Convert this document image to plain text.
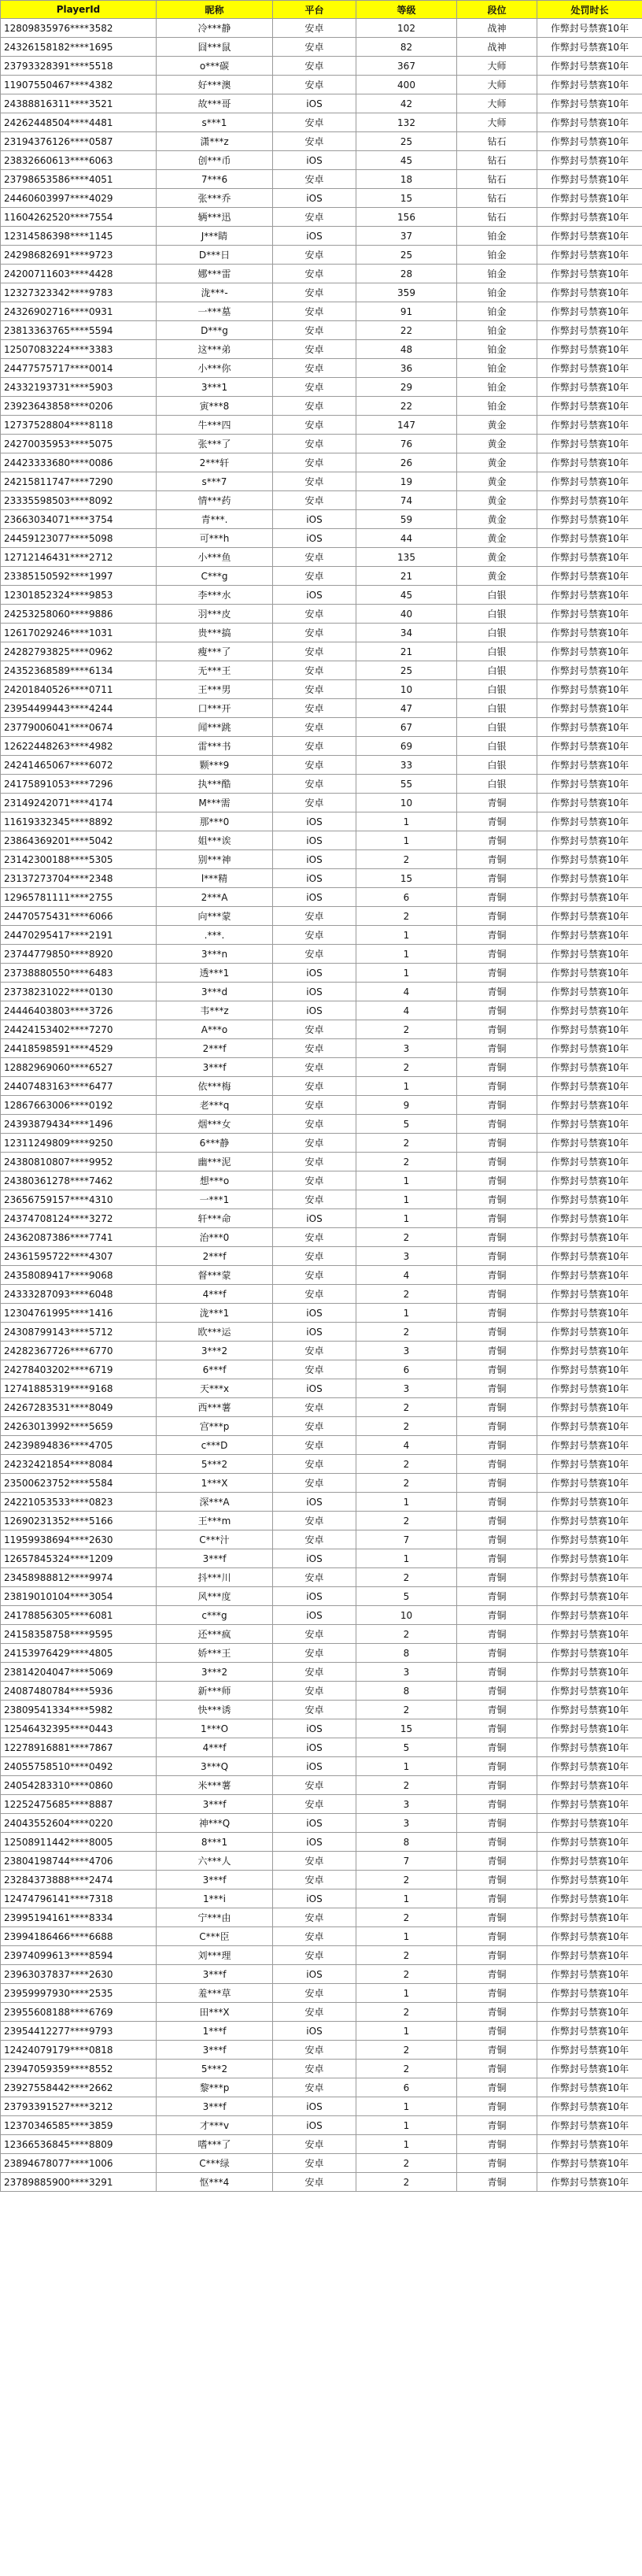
PlayerId	昵称	平台	等级	段位	处罚时长
12809835976****3582	冷***静	安卓	102	战神	作弊封号禁赛10年
24326158182****1695	囧***鼠	安卓	82	战神	作弊封号禁赛10年
23793328391****5518	o***碳	安卓	367	大师	作弊封号禁赛10年
11907550467****4382	好***澳	安卓	400	大师	作弊封号禁赛10年
24388816311****3521	故***哥	iOS	42	大师	作弊封号禁赛10年
24262448504****4481	s***1	安卓	132	大师	作弊封号禁赛10年
23194376126****0587	潇***z	安卓	25	钻石	作弊封号禁赛10年
23832660613****6063	创***币	iOS	45	钻石	作弊封号禁赛10年
23798653586****4051	7***6	安卓	18	钻石	作弊封号禁赛10年
24460603997****4029	张***乔	iOS	15	钻石	作弊封号禁赛10年
11604262520****7554	辆***迅	安卓	156	钻石	作弊封号禁赛10年
12314586398****1145	J***睛	iOS	37	铂金	作弊封号禁赛10年
24298682691****9723	D***日	安卓	25	铂金	作弊封号禁赛10年
24200711603****4428	娜***雷	安卓	28	铂金	作弊封号禁赛10年
12327323342****9783	泷***-	安卓	359	铂金	作弊封号禁赛10年
24326902716****0931	一***墓	安卓	91	铂金	作弊封号禁赛10年
23813363765****5594	D***g	安卓	22	铂金	作弊封号禁赛10年
12507083224****3383	这***弟	安卓	48	铂金	作弊封号禁赛10年
24477575717****0014	小***你	安卓	36	铂金	作弊封号禁赛10年
24332193731****5903	3***1	安卓	29	铂金	作弊封号禁赛10年
23923643858****0206	寅***8	安卓	22	铂金	作弊封号禁赛10年
12737528804****8118	牛***四	安卓	147	黄金	作弊封号禁赛10年
24270035953****5075	张***了	安卓	76	黄金	作弊封号禁赛10年
24423333680****0086	2***轩	安卓	26	黄金	作弊封号禁赛10年
24215811747****7290	s***7	安卓	19	黄金	作弊封号禁赛10年
23335598503****8092	情***药	安卓	74	黄金	作弊封号禁赛10年
23663034071****3754	青***.	iOS	59	黄金	作弊封号禁赛10年
24459123077****5098	可***h	iOS	44	黄金	作弊封号禁赛10年
12712146431****2712	小***鱼	安卓	135	黄金	作弊封号禁赛10年
23385150592****1997	C***g	安卓	21	黄金	作弊封号禁赛10年
12301852324****9853	李***水	iOS	45	白银	作弊封号禁赛10年
24253258060****9886	羽***皮	安卓	40	白银	作弊封号禁赛10年
12617029246****1031	贵***搞	安卓	34	白银	作弊封号禁赛10年
24282793825****0962	瘦***了	安卓	21	白银	作弊封号禁赛10年
24352368589****6134	无***王	安卓	25	白银	作弊封号禁赛10年
24201840526****0711	王***男	安卓	10	白银	作弊封号禁赛10年
23954499443****4244	口***开	安卓	47	白银	作弊封号禁赛10年
23779006041****0674	闻***跳	安卓	67	白银	作弊封号禁赛10年
12622448263****4982	雷***书	安卓	69	白银	作弊封号禁赛10年
24241465067****6072	颗***9	安卓	33	白银	作弊封号禁赛10年
24175891053****7296	执***酷	安卓	55	白银	作弊封号禁赛10年
23149242071****4174	M***需	安卓	10	青铜	作弊封号禁赛10年
11619332345****8892	那***0	iOS	1	青铜	作弊封号禁赛10年
23864369201****5042	姐***诶	iOS	1	青铜	作弊封号禁赛10年
23142300188****5305	别***神	iOS	2	青铜	作弊封号禁赛10年
23137273704****2348	l***精	iOS	15	青铜	作弊封号禁赛10年
12965781111****2755	2***A	iOS	6	青铜	作弊封号禁赛10年
24470575431****6066	向***蒙	安卓	2	青铜	作弊封号禁赛10年
24470295417****2191	.***.	安卓	1	青铜	作弊封号禁赛10年
23744779850****8920	3***n	安卓	1	青铜	作弊封号禁赛10年
23738880550****6483	透***1	iOS	1	青铜	作弊封号禁赛10年
23738231022****0130	3***d	iOS	4	青铜	作弊封号禁赛10年
24446403803****3726	韦***z	iOS	4	青铜	作弊封号禁赛10年
24424153402****7270	A***o	安卓	2	青铜	作弊封号禁赛10年
24418598591****4529	2***f	安卓	3	青铜	作弊封号禁赛10年
12882969060****6527	3***f	安卓	2	青铜	作弊封号禁赛10年
24407483163****6477	依***梅	安卓	1	青铜	作弊封号禁赛10年
12867663006****0192	老***q	安卓	9	青铜	作弊封号禁赛10年
24393879434****1496	烟***女	安卓	5	青铜	作弊封号禁赛10年
12311249809****9250	6***静	安卓	2	青铜	作弊封号禁赛10年
24380810807****9952	幽***泥	安卓	2	青铜	作弊封号禁赛10年
24380361278****7462	想***o	安卓	1	青铜	作弊封号禁赛10年
23656759157****4310	一***1	安卓	1	青铜	作弊封号禁赛10年
24374708124****3272	轩***命	iOS	1	青铜	作弊封号禁赛10年
24362087386****7741	治***0	安卓	2	青铜	作弊封号禁赛10年
24361595722****4307	2***f	安卓	3	青铜	作弊封号禁赛10年
24358089417****9068	督***蒙	安卓	4	青铜	作弊封号禁赛10年
24333287093****6048	4***f	安卓	2	青铜	作弊封号禁赛10年
12304761995****1416	泷***1	iOS	1	青铜	作弊封号禁赛10年
24308799143****5712	欧***运	iOS	2	青铜	作弊封号禁赛10年
24282367726****6770	3***2	安卓	3	青铜	作弊封号禁赛10年
24278403202****6719	6***f	安卓	6	青铜	作弊封号禁赛10年
12741885319****9168	天***x	iOS	3	青铜	作弊封号禁赛10年
24267283531****8049	西***薯	安卓	2	青铜	作弊封号禁赛10年
24263013992****5659	宫***p	安卓	2	青铜	作弊封号禁赛10年
24239894836****4705	c***D	安卓	4	青铜	作弊封号禁赛10年
24232421854****8084	5***2	安卓	2	青铜	作弊封号禁赛10年
23500623752****5584	1***X	安卓	2	青铜	作弊封号禁赛10年
24221053533****0823	深***A	iOS	1	青铜	作弊封号禁赛10年
12690231352****5166	王***m	安卓	2	青铜	作弊封号禁赛10年
11959938694****2630	C***汁	安卓	7	青铜	作弊封号禁赛10年
12657845324****1209	3***f	iOS	1	青铜	作弊封号禁赛10年
23458988812****9974	抖***川	安卓	2	青铜	作弊封号禁赛10年
23819010104****3054	风***度	iOS	5	青铜	作弊封号禁赛10年
24178856305****6081	c***g	iOS	10	青铜	作弊封号禁赛10年
24158358758****9595	还***疯	安卓	2	青铜	作弊封号禁赛10年
24153976429****4805	娇***王	安卓	8	青铜	作弊封号禁赛10年
23814204047****5069	3***2	安卓	3	青铜	作弊封号禁赛10年
24087480784****5936	新***师	安卓	8	青铜	作弊封号禁赛10年
23809541334****5982	快***诱	安卓	2	青铜	作弊封号禁赛10年
12546432395****0443	1***O	iOS	15	青铜	作弊封号禁赛10年
12278916881****7867	4***f	iOS	5	青铜	作弊封号禁赛10年
24055758510****0492	3***Q	iOS	1	青铜	作弊封号禁赛10年
24054283310****0860	米***薯	安卓	2	青铜	作弊封号禁赛10年
12252475685****8887	3***f	安卓	3	青铜	作弊封号禁赛10年
24043552604****0220	神***Q	iOS	3	青铜	作弊封号禁赛10年
12508911442****8005	8***1	iOS	8	青铜	作弊封号禁赛10年
23804198744****4706	六***人	安卓	7	青铜	作弊封号禁赛10年
23284373888****2474	3***f	安卓	2	青铜	作弊封号禁赛10年
12474796141****7318	1***i	iOS	1	青铜	作弊封号禁赛10年
23995194161****8334	宁***由	安卓	2	青铜	作弊封号禁赛10年
23994186466****6688	C***臣	安卓	1	青铜	作弊封号禁赛10年
23974099613****8594	刘***理	安卓	2	青铜	作弊封号禁赛10年
23963037837****2630	3***f	iOS	2	青铜	作弊封号禁赛10年
23959997930****2535	羞***草	安卓	1	青铜	作弊封号禁赛10年
23955608188****6769	田***X	安卓	2	青铜	作弊封号禁赛10年
23954412277****9793	1***f	iOS	1	青铜	作弊封号禁赛10年
12424079179****0818	3***f	安卓	2	青铜	作弊封号禁赛10年
23947059359****8552	5***2	安卓	2	青铜	作弊封号禁赛10年
23927558442****2662	黎***p	安卓	6	青铜	作弊封号禁赛10年
23793391527****3212	3***f	iOS	1	青铜	作弊封号禁赛10年
12370346585****3859	才***v	iOS	1	青铜	作弊封号禁赛10年
12366536845****8809	嗜***了	安卓	1	青铜	作弊封号禁赛10年
23894678077****1006	C***绿	安卓	2	青铜	作弊封号禁赛10年
23789885900****3291	怄***4	安卓	2	青铜	作弊封号禁赛10年
